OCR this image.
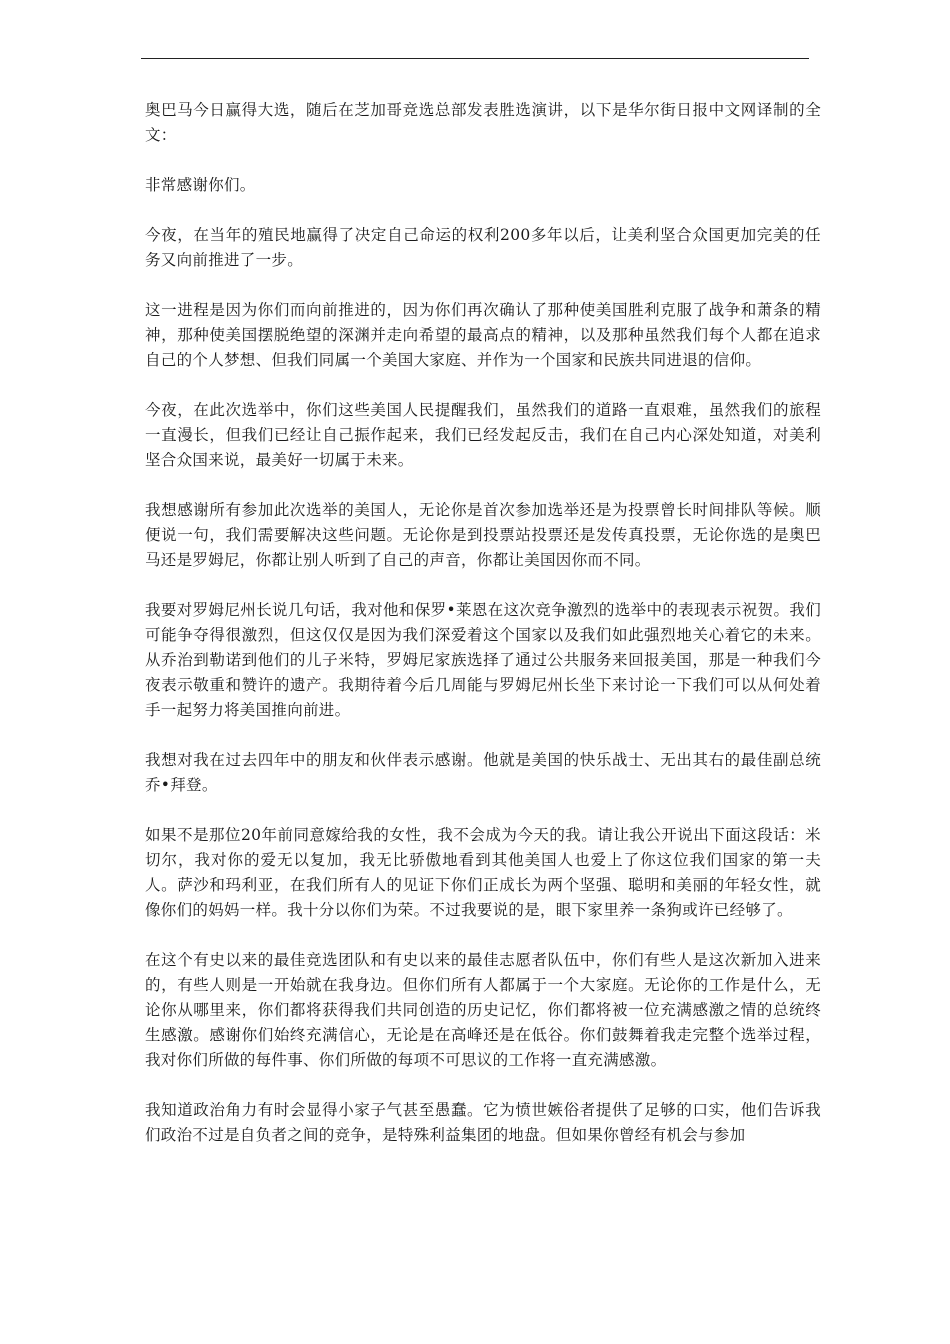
奥巴马今日赢得大选，随后在芝加哥竞选总部发表胜选演讲，以下是华尔街日报中文网译制的全文：

非常感谢你们。

今夜，在当年的殖民地赢得了决定自己命运的权利200多年以后，让美利坚合众国更加完美的任务又向前推进了一步。

这一进程是因为你们而向前推进的，因为你们再次确认了那种使美国胜利克服了战争和萧条的精神，那种使美国摆脱绝望的深渊并走向希望的最高点的精神，以及那种虽然我们每个人都在追求自己的个人梦想、但我们同属一个美国大家庭、并作为一个国家和民族共同进退的信仰。

今夜，在此次选举中，你们这些美国人民提醒我们，虽然我们的道路一直艰难，虽然我们的旅程一直漫长，但我们已经让自己振作起来，我们已经发起反击，我们在自己内心深处知道，对美利坚合众国来说，最美好一切属于未来。

我想感谢所有参加此次选举的美国人，无论你是首次参加选举还是为投票曾长时间排队等候。顺便说一句，我们需要解决这些问题。无论你是到投票站投票还是发传真投票，无论你选的是奥巴马还是罗姆尼，你都让别人听到了自己的声音，你都让美国因你而不同。

我要对罗姆尼州长说几句话，我对他和保罗•莱恩在这次竞争激烈的选举中的表现表示祝贺。我们可能争夺得很激烈，但这仅仅是因为我们深爱着这个国家以及我们如此强烈地关心着它的未来。从乔治到勒诺到他们的儿子米特，罗姆尼家族选择了通过公共服务来回报美国，那是一种我们今夜表示敬重和赞许的遗产。我期待着今后几周能与罗姆尼州长坐下来讨论一下我们可以从何处着手一起努力将美国推向前进。

我想对我在过去四年中的朋友和伙伴表示感谢。他就是美国的快乐战士、无出其右的最佳副总统乔•拜登。

如果不是那位20年前同意嫁给我的女性，我不会成为今天的我。请让我公开说出下面这段话：米切尔，我对你的爱无以复加，我无比骄傲地看到其他美国人也爱上了你这位我们国家的第一夫人。萨沙和玛利亚，在我们所有人的见证下你们正成长为两个坚强、聪明和美丽的年轻女性，就像你们的妈妈一样。我十分以你们为荣。不过我要说的是，眼下家里养一条狗或许已经够了。

在这个有史以来的最佳竞选团队和有史以来的最佳志愿者队伍中，你们有些人是这次新加入进来的，有些人则是一开始就在我身边。但你们所有人都属于一个大家庭。无论你的工作是什么，无论你从哪里来，你们都将获得我们共同创造的历史记忆，你们都将被一位充满感激之情的总统终生感激。感谢你们始终充满信心，无论是在高峰还是在低谷。你们鼓舞着我走完整个选举过程，我对你们所做的每件事、你们所做的每项不可思议的工作将一直充满感激。

我知道政治角力有时会显得小家子气甚至愚蠢。它为愤世嫉俗者提供了足够的口实，他们告诉我们政治不过是自负者之间的竞争，是特殊利益集团的地盘。但如果你曾经有机会与参加
